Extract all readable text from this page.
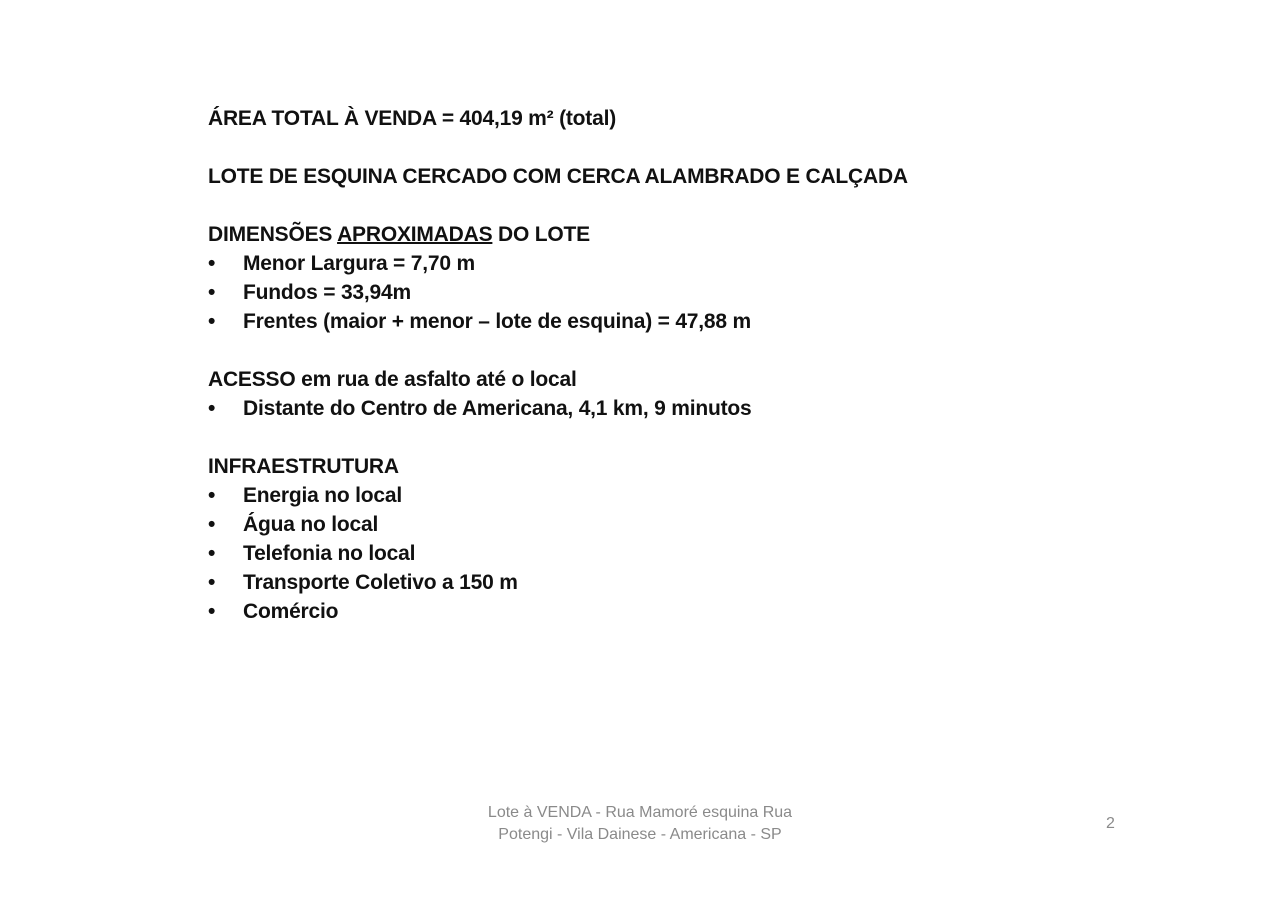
ÁREA TOTAL À VENDA = 404,19 m² (total)
LOTE DE ESQUINA CERCADO COM CERCA ALAMBRADO E CALÇADA
DIMENSÕES APROXIMADAS DO LOTE
•	Menor Largura = 7,70 m
•	Fundos = 33,94m
•	Frentes (maior + menor – lote de esquina) = 47,88 m
ACESSO em rua de asfalto até o local
•	Distante do Centro de Americana, 4,1 km, 9 minutos
INFRAESTRUTURA
•	Energia no local
•	Água no local
•	Telefonia no local
•	Transporte Coletivo a 150 m
•	Comércio
Lote à VENDA - Rua Mamoré esquina Rua
Potengi - Vila Dainese - Americana - SP
2
